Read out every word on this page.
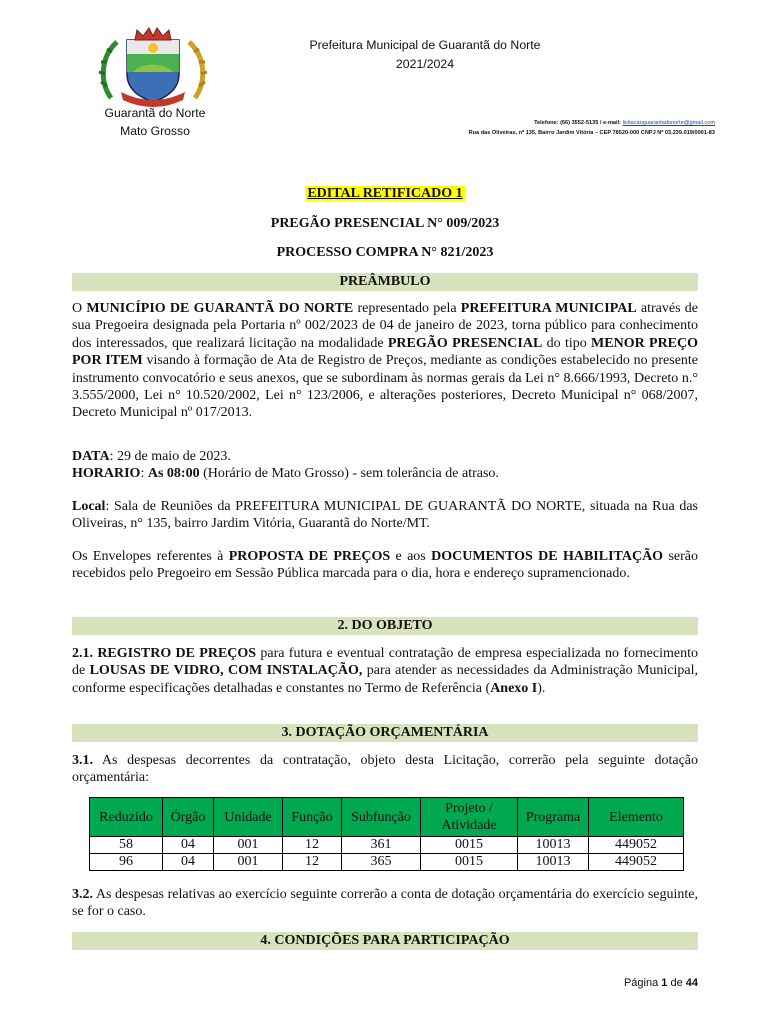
Guarantã do Norte
Mato Grosso
Prefeitura Municipal de Guarantã do Norte
2021/2024
Telefone: (66) 3552-5135 / e-mail: licitacaoguarantadonorte@gmail.com
Rua das Oliveiras, nº 135, Bairro Jardim Vitória – CEP 78520-000 CNPJ Nº 03.239.019/0001-83
EDITAL RETIFICADO 1
PREGÃO PRESENCIAL N° 009/2023
PROCESSO COMPRA N° 821/2023
PREÂMBULO
O MUNICÍPIO DE GUARANTÃ DO NORTE representado pela PREFEITURA MUNICIPAL através de sua Pregoeira designada pela Portaria nº 002/2023 de 04 de janeiro de 2023, torna público para conhecimento dos interessados, que realizará licitação na modalidade PREGÃO PRESENCIAL do tipo MENOR PREÇO POR ITEM visando à formação de Ata de Registro de Preços, mediante as condições estabelecido no presente instrumento convocatório e seus anexos, que se subordinam às normas gerais da Lei n° 8.666/1993, Decreto n.° 3.555/2000, Lei n° 10.520/2002, Lei n° 123/2006, e alterações posteriores, Decreto Municipal n° 068/2007, Decreto Municipal nº 017/2013.
DATA: 29 de maio de 2023.
HORARIO: As 08:00 (Horário de Mato Grosso) - sem tolerância de atraso.
Local: Sala de Reuniões da PREFEITURA MUNICIPAL DE GUARANTÃ DO NORTE, situada na Rua das Oliveiras, n° 135, bairro Jardim Vitória, Guarantã do Norte/MT.
Os Envelopes referentes à PROPOSTA DE PREÇOS e aos DOCUMENTOS DE HABILITAÇÃO serão recebidos pelo Pregoeiro em Sessão Pública marcada para o dia, hora e endereço supramencionado.
2. DO OBJETO
2.1. REGISTRO DE PREÇOS para futura e eventual contratação de empresa especializada no fornecimento de LOUSAS DE VIDRO, COM INSTALAÇÃO, para atender as necessidades da Administração Municipal, conforme especificações detalhadas e constantes no Termo de Referência (Anexo I).
3. DOTAÇÃO ORÇAMENTÁRIA
3.1. As despesas decorrentes da contratação, objeto desta Licitação, correrão pela seguinte dotação orçamentária:
Reduzido	Órgão	Unidade	Função	Subfunção	Projeto / Atividade	Programa	Elemento
58	04	001	12	361	0015	10013	449052
96	04	001	12	365	0015	10013	449052
3.2. As despesas relativas ao exercício seguinte correrão a conta de dotação orçamentária do exercício seguinte, se for o caso.
4. CONDIÇÕES PARA PARTICIPAÇÃO
Página 1 de 44
